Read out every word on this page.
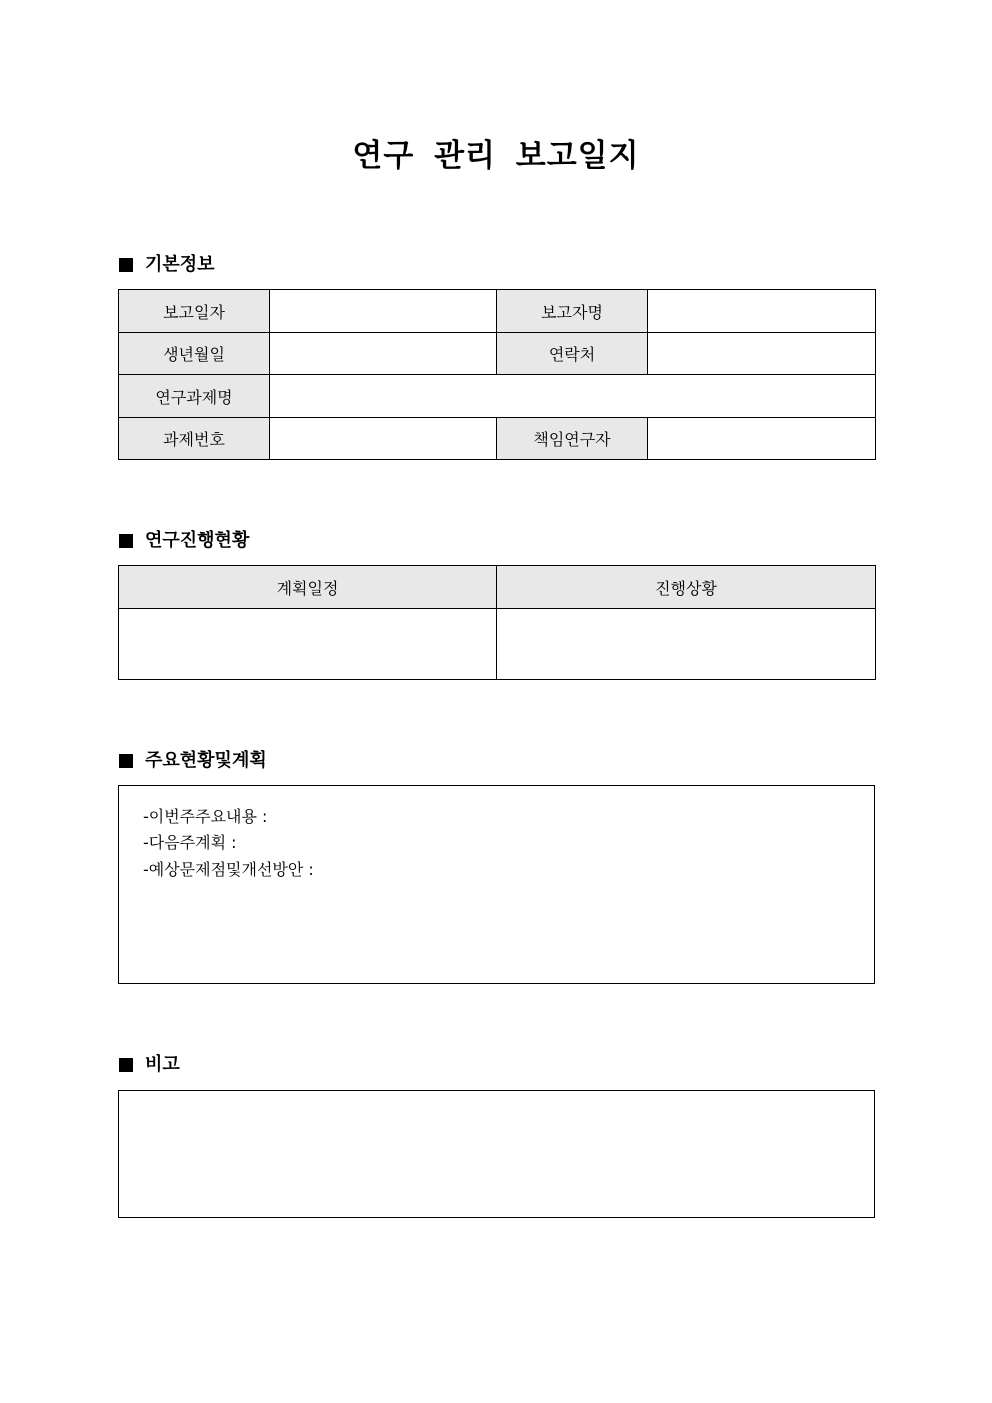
연구 관리 보고일지
기본정보
보고일자		보고자명	
생년월일		연락처	
연구과제명			
과제번호		책임연구자	
연구진행현황
계획일정	진행상황

주요현황및계획
-이번주주요내용 :
-다음주계획 :
-예상문제점및개선방안 :
비고
